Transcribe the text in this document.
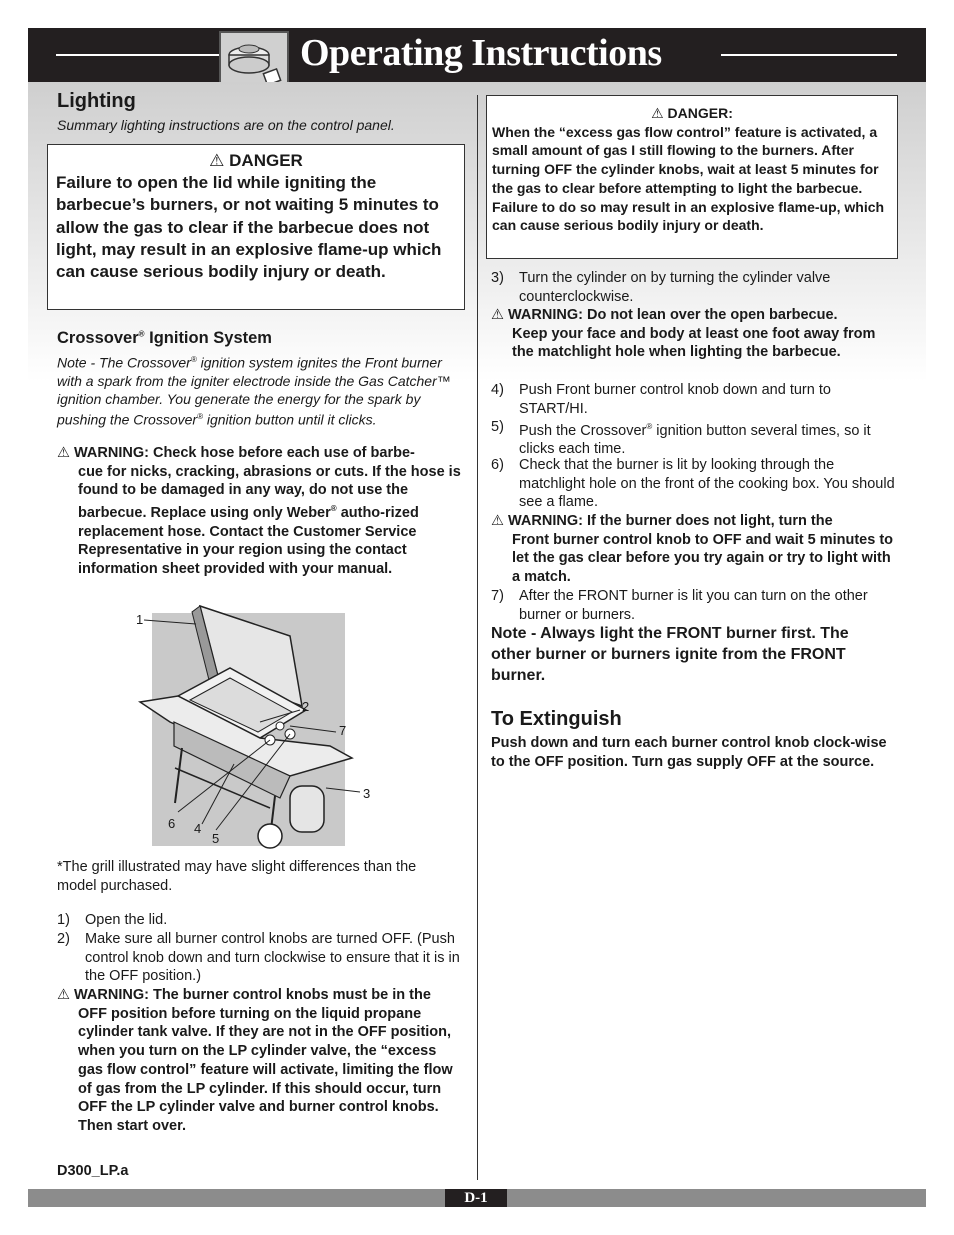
Operating Instructions
Lighting
Summary lighting instructions are on the control panel.
⚠ DANGER
Failure to open the lid while igniting the barbecue’s burners, or not waiting 5 minutes to allow the gas to clear if the barbecue does not light, may result in an explosive flame-up which can cause serious bodily injury or death.
Crossover® Ignition System
Note - The Crossover® ignition system ignites the Front burner with a spark from the igniter electrode inside the Gas Catcher™ ignition chamber. You generate the energy for the spark by pushing the Crossover® ignition button until it clicks.
⚠ WARNING: Check hose before each use of barbe-
cue for nicks, cracking, abrasions or cuts. If the hose is found to be damaged in any way, do not use the barbecue. Replace using only Weber® autho-rized replacement hose. Contact the Customer Service Representative in your region using the contact information sheet provided with your manual.
1
2
7
3
6 4
5
*The grill illustrated may have slight differences than the model purchased.
1)	Open the lid.
2)	Make sure all burner control knobs are turned OFF. (Push control knob down and turn clockwise to ensure that it is in the OFF position.)
⚠ WARNING: The burner control knobs must be in the
OFF position before turning on the liquid propane cylinder tank valve. If they are not in the OFF position, when you turn on the LP cylinder valve, the “excess gas flow control” feature will activate, limiting the flow of gas from the LP cylinder. If this should occur, turn OFF the LP cylinder valve and burner control knobs. Then start over.
D300_LP.a
⚠ DANGER:
When the “excess gas flow control” feature is activated, a small amount of gas I still flowing to the burners. After turning OFF the cylinder knobs, wait at least 5 minutes for the gas to clear before attempting to light the barbecue. Failure to do so may result in an explosive flame-up, which can cause serious bodily injury or death.
3)	Turn the cylinder on by turning the cylinder valve counterclockwise.
⚠ WARNING: Do not lean over the open barbecue.
Keep your face and body at least one foot away from the matchlight hole when lighting the barbecue.
4)	Push Front burner control knob down and turn to START/HI.
5)	Push the Crossover® ignition button several times, so it clicks each time.
6)	Check that the burner is lit by looking through the matchlight hole on the front of the cooking box. You should see a flame.
⚠ WARNING: If the burner does not light, turn the
Front burner control knob to OFF and wait 5 minutes to let the gas clear before you try again or try to light with a match.
7)	After the FRONT burner is lit you can turn on the other burner or burners.
Note - Always light the FRONT burner first. The other burner or burners ignite from the FRONT burner.
To Extinguish
Push down and turn each burner control knob clock-wise to the OFF position. Turn gas supply OFF at the source.
D-1
